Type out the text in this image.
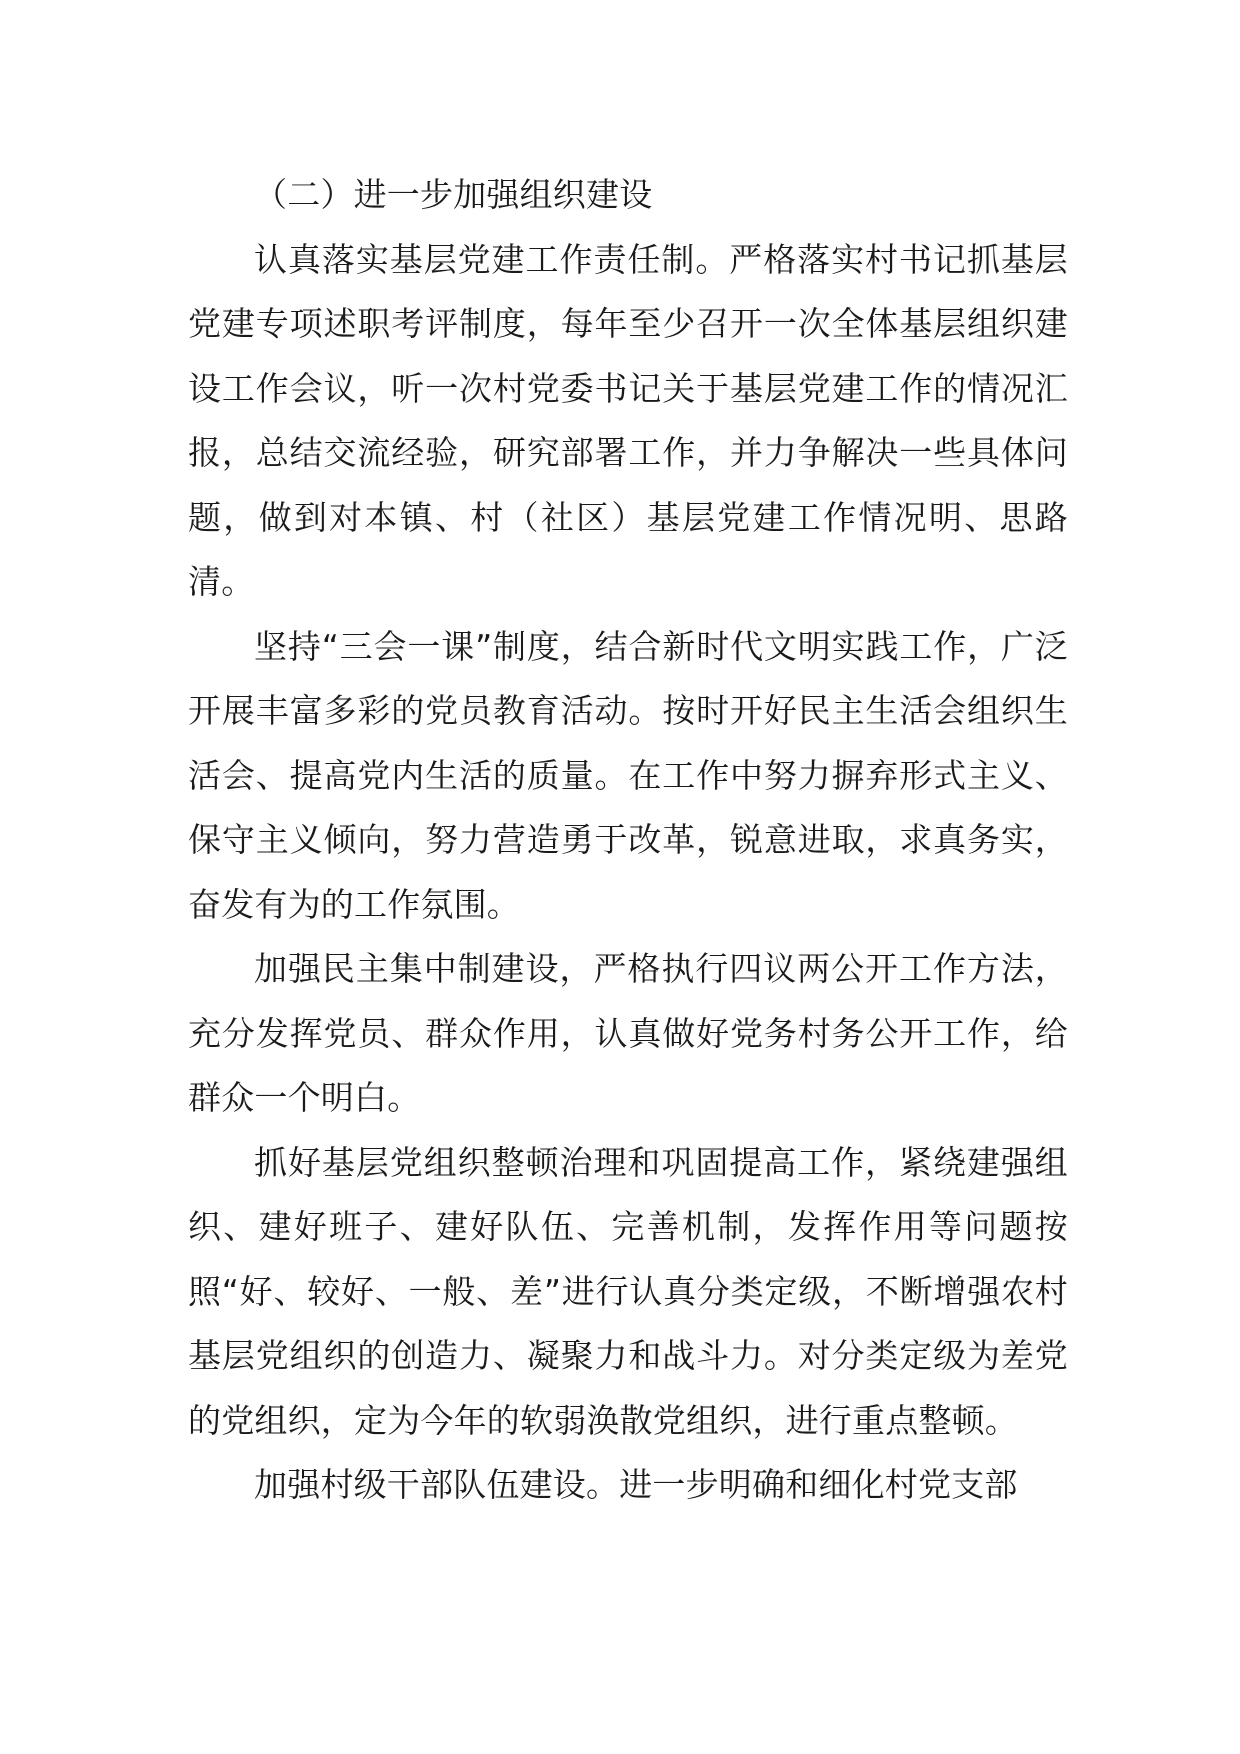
（二）进一步加强组织建设

认真落实基层党建工作责任制。严格落实村书记抓基层党建专项述职考评制度，每年至少召开一次全体基层组织建设工作会议，听一次村党委书记关于基层党建工作的情况汇报，总结交流经验，研究部署工作，并力争解决一些具体问题，做到对本镇、村（社区）基层党建工作情况明、思路清。

坚持“三会一课”制度，结合新时代文明实践工作，广泛开展丰富多彩的党员教育活动。按时开好民主生活会组织生活会、提高党内生活的质量。在工作中努力摒弃形式主义、保守主义倾向，努力营造勇于改革，锐意进取，求真务实，奋发有为的工作氛围。

加强民主集中制建设，严格执行四议两公开工作方法，充分发挥党员、群众作用，认真做好党务村务公开工作，给群众一个明白。

抓好基层党组织整顿治理和巩固提高工作，紧绕建强组织、建好班子、建好队伍、完善机制，发挥作用等问题按照“好、较好、一般、差”进行认真分类定级，不断增强农村基层党组织的创造力、凝聚力和战斗力。对分类定级为差党的党组织，定为今年的软弱涣散党组织，进行重点整顿。

加强村级干部队伍建设。进一步明确和细化村党支部
